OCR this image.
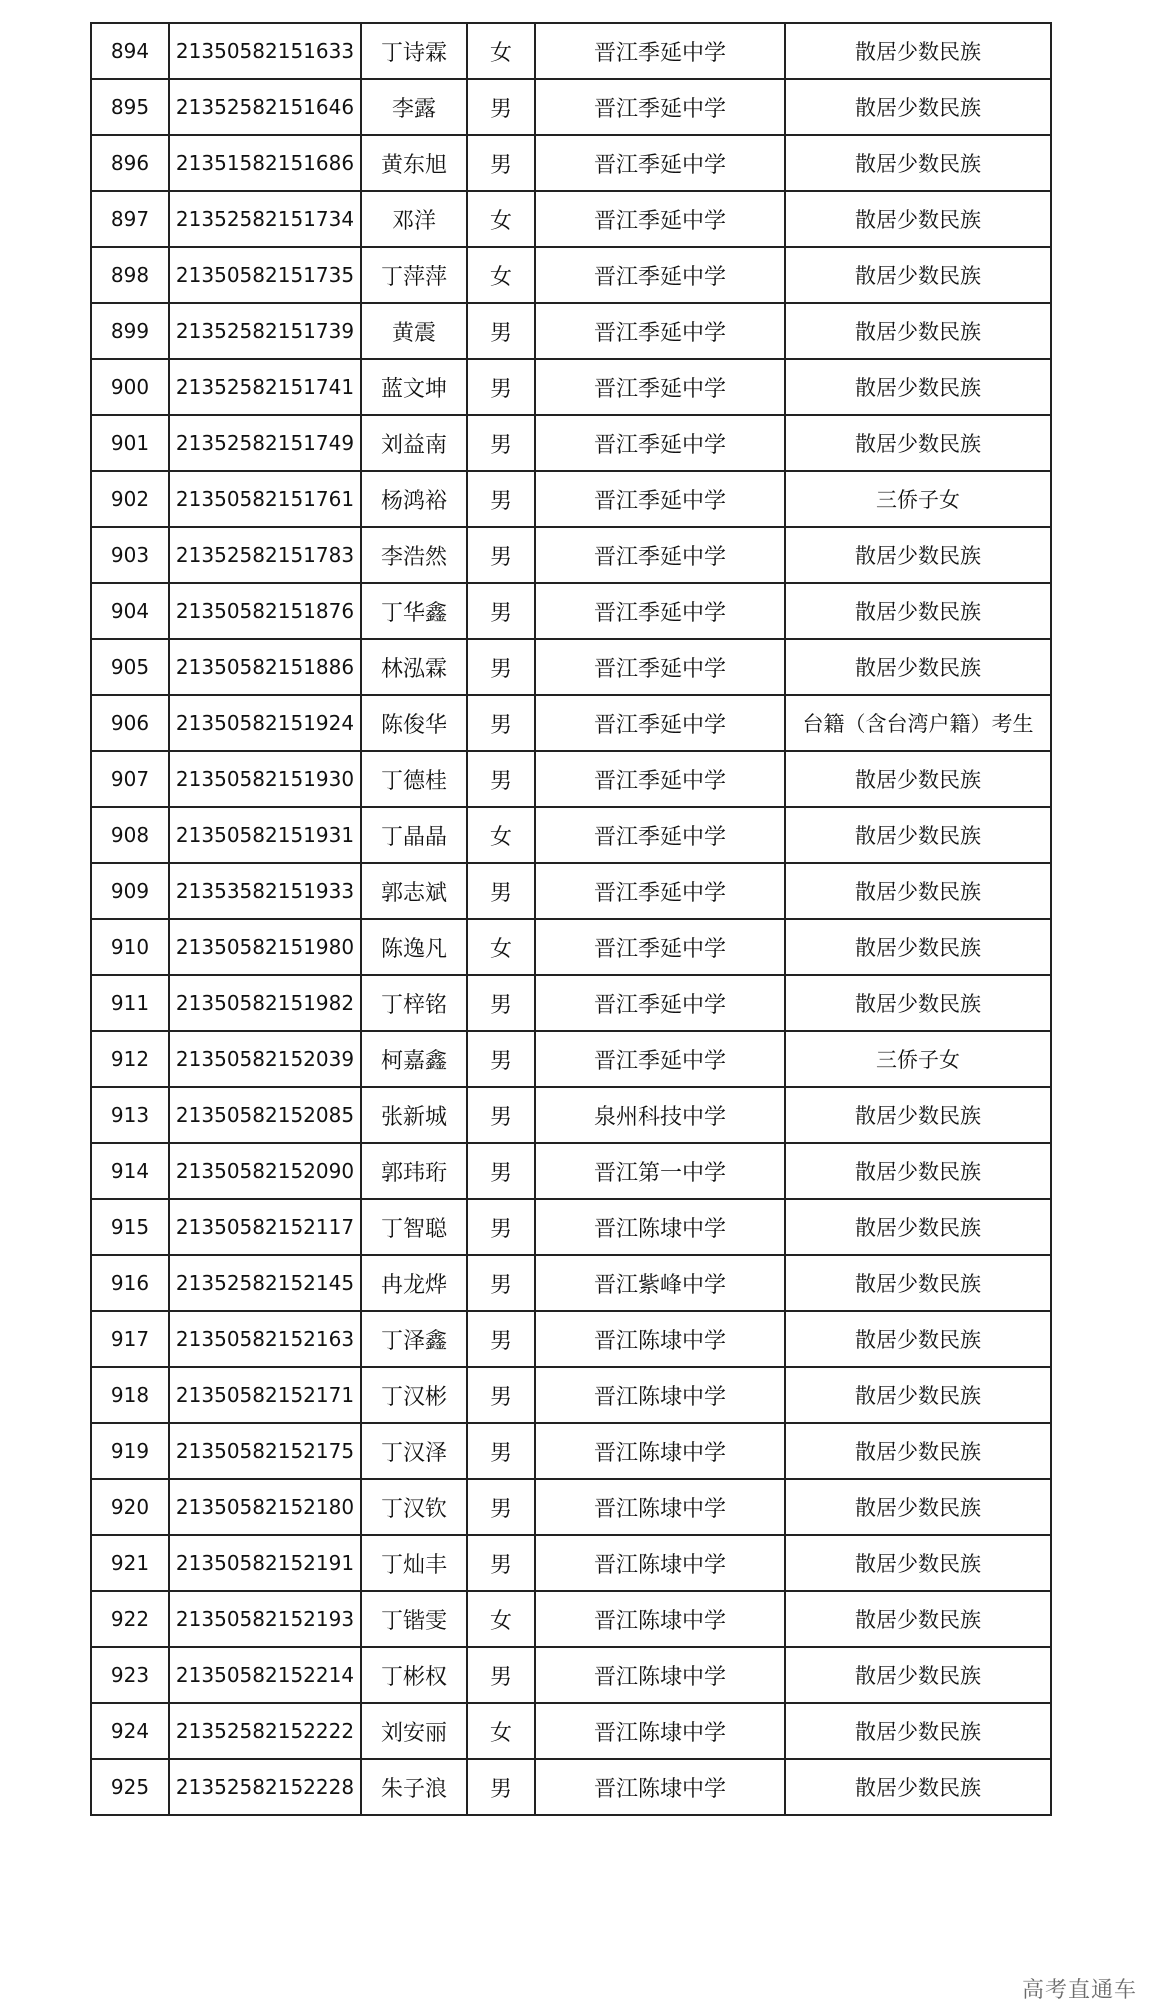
894	21350582151633	丁诗霖	女	晋江季延中学	散居少数民族
895	21352582151646	李露	男	晋江季延中学	散居少数民族
896	21351582151686	黄东旭	男	晋江季延中学	散居少数民族
897	21352582151734	邓洋	女	晋江季延中学	散居少数民族
898	21350582151735	丁萍萍	女	晋江季延中学	散居少数民族
899	21352582151739	黄震	男	晋江季延中学	散居少数民族
900	21352582151741	蓝文坤	男	晋江季延中学	散居少数民族
901	21352582151749	刘益南	男	晋江季延中学	散居少数民族
902	21350582151761	杨鸿裕	男	晋江季延中学	三侨子女
903	21352582151783	李浩然	男	晋江季延中学	散居少数民族
904	21350582151876	丁华鑫	男	晋江季延中学	散居少数民族
905	21350582151886	林泓霖	男	晋江季延中学	散居少数民族
906	21350582151924	陈俊华	男	晋江季延中学	台籍（含台湾户籍）考生
907	21350582151930	丁德桂	男	晋江季延中学	散居少数民族
908	21350582151931	丁晶晶	女	晋江季延中学	散居少数民族
909	21353582151933	郭志斌	男	晋江季延中学	散居少数民族
910	21350582151980	陈逸凡	女	晋江季延中学	散居少数民族
911	21350582151982	丁梓铭	男	晋江季延中学	散居少数民族
912	21350582152039	柯嘉鑫	男	晋江季延中学	三侨子女
913	21350582152085	张新城	男	泉州科技中学	散居少数民族
914	21350582152090	郭玮珩	男	晋江第一中学	散居少数民族
915	21350582152117	丁智聪	男	晋江陈埭中学	散居少数民族
916	21352582152145	冉龙烨	男	晋江紫峰中学	散居少数民族
917	21350582152163	丁泽鑫	男	晋江陈埭中学	散居少数民族
918	21350582152171	丁汉彬	男	晋江陈埭中学	散居少数民族
919	21350582152175	丁汉泽	男	晋江陈埭中学	散居少数民族
920	21350582152180	丁汉钦	男	晋江陈埭中学	散居少数民族
921	21350582152191	丁灿丰	男	晋江陈埭中学	散居少数民族
922	21350582152193	丁锴雯	女	晋江陈埭中学	散居少数民族
923	21350582152214	丁彬权	男	晋江陈埭中学	散居少数民族
924	21352582152222	刘安丽	女	晋江陈埭中学	散居少数民族
925	21352582152228	朱子浪	男	晋江陈埭中学	散居少数民族
高考直通车
